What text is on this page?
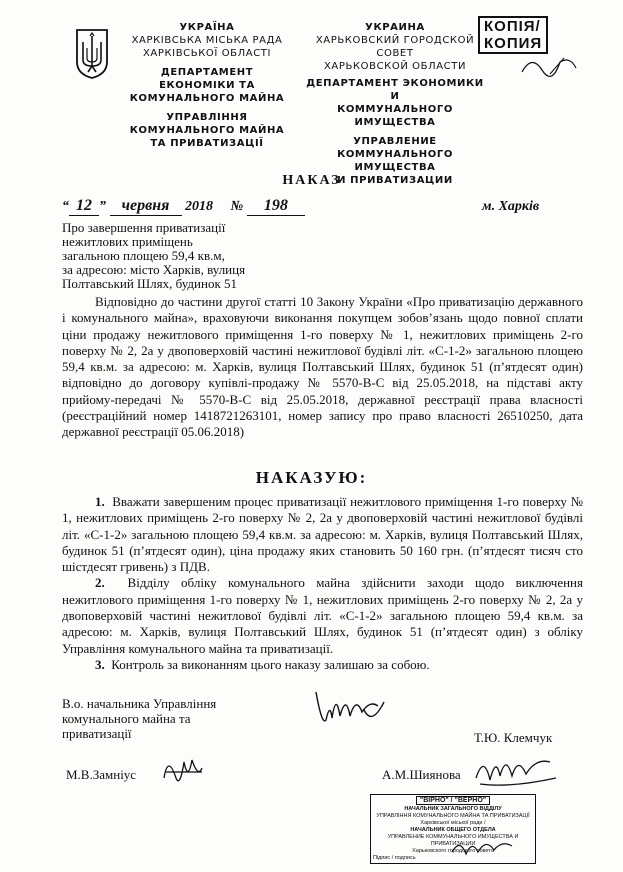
УКРАЇНА
ХАРКІВСЬКА МІСЬКА РАДА
ХАРКІВСЬКОЇ ОБЛАСТІ
ДЕПАРТАМЕНТ
ЕКОНОМІКИ ТА
КОМУНАЛЬНОГО МАЙНА
УПРАВЛІННЯ
КОМУНАЛЬНОГО МАЙНА
ТА ПРИВАТИЗАЦІЇ
УКРАИНА
ХАРЬКОВСКИЙ ГОРОДСКОЙ
СОВЕТ
ХАРЬКОВСКОЙ ОБЛАСТИ
ДЕПАРТАМЕНТ ЭКОНОМИКИ И
КОММУНАЛЬНОГО ИМУЩЕСТВА
УПРАВЛЕНИЕ
КОММУНАЛЬНОГО ИМУЩЕСТВА
И ПРИВАТИЗАЦИИ
КОПІЯ/
КОПИЯ
НАКАЗ
“ 12 ” червня 2018 № 198	м. Харків
Про завершення приватизації
нежитлових приміщень
загальною площею 59,4 кв.м,
за адресою: місто Харків, вулиця
Полтавський Шлях, будинок 51
Відповідно до частини другої статті 10 Закону України «Про приватизацію державного і комунального майна», враховуючи виконання покупцем зобов’язань щодо повної сплати ціни продажу нежитлового приміщення 1-го поверху № 1, нежитлових приміщень 2-го поверху № 2, 2а у двоповерховій частині нежитлової будівлі літ. «С-1-2» загальною площею 59,4 кв.м. за адресою: м. Харків, вулиця Полтавський Шлях, будинок 51 (п’ятдесят один) відповідно до договору купівлі-продажу № 5570-В-С від 25.05.2018, на підставі акту прийому-передачі № 5570-В-С від 25.05.2018, державної реєстрації права власності (реєстраційний номер 1418721263101, номер запису про право власності 26510250, дата державної реєстрації 05.06.2018)
НАКАЗУЮ:
1. Вважати завершеним процес приватизації нежитлового приміщення 1-го поверху № 1, нежитлових приміщень 2-го поверху № 2, 2а у двоповерховій частині нежитлової будівлі літ. «С-1-2» загальною площею 59,4 кв.м. за адресою: м. Харків, вулиця Полтавський Шлях, будинок 51 (п’ятдесят один), ціна продажу яких становить 50 160 грн. (п’ятдесят тисяч сто шістдесят гривень) з ПДВ.
2. Відділу обліку комунального майна здійснити заходи щодо виключення нежитлового приміщення 1-го поверху № 1, нежитлових приміщень 2-го поверху № 2, 2а у двоповерховій частині нежитлової будівлі літ. «С-1-2» загальною площею 59,4 кв.м. за адресою: м. Харків, вулиця Полтавський Шлях, будинок 51 (п’ятдесят один) з обліку Управління комунального майна та приватизації.
3. Контроль за виконанням цього наказу залишаю за собою.
В.о. начальника Управління
комунального майна та
приватизації	Т.Ю. Клемчук
М.В.Замніус	А.М.Шиянова
"ВІРНО" / "ВЕРНО"
НАЧАЛЬНИК ЗАГАЛЬНОГО ВІДДІЛУ
УПРАВЛІННЯ КОМУНАЛЬНОГО МАЙНА ТА ПРИВАТИЗАЦІЇ
Харківської міської ради /
НАЧАЛЬНИК ОБЩЕГО ОТДЕЛА
УПРАВЛЕНИЕ КОММУНАЛЬНОГО ИМУЩЕСТВА И ПРИВАТИЗАЦИИ
Харьковского городского совета
Підпис / подпись
